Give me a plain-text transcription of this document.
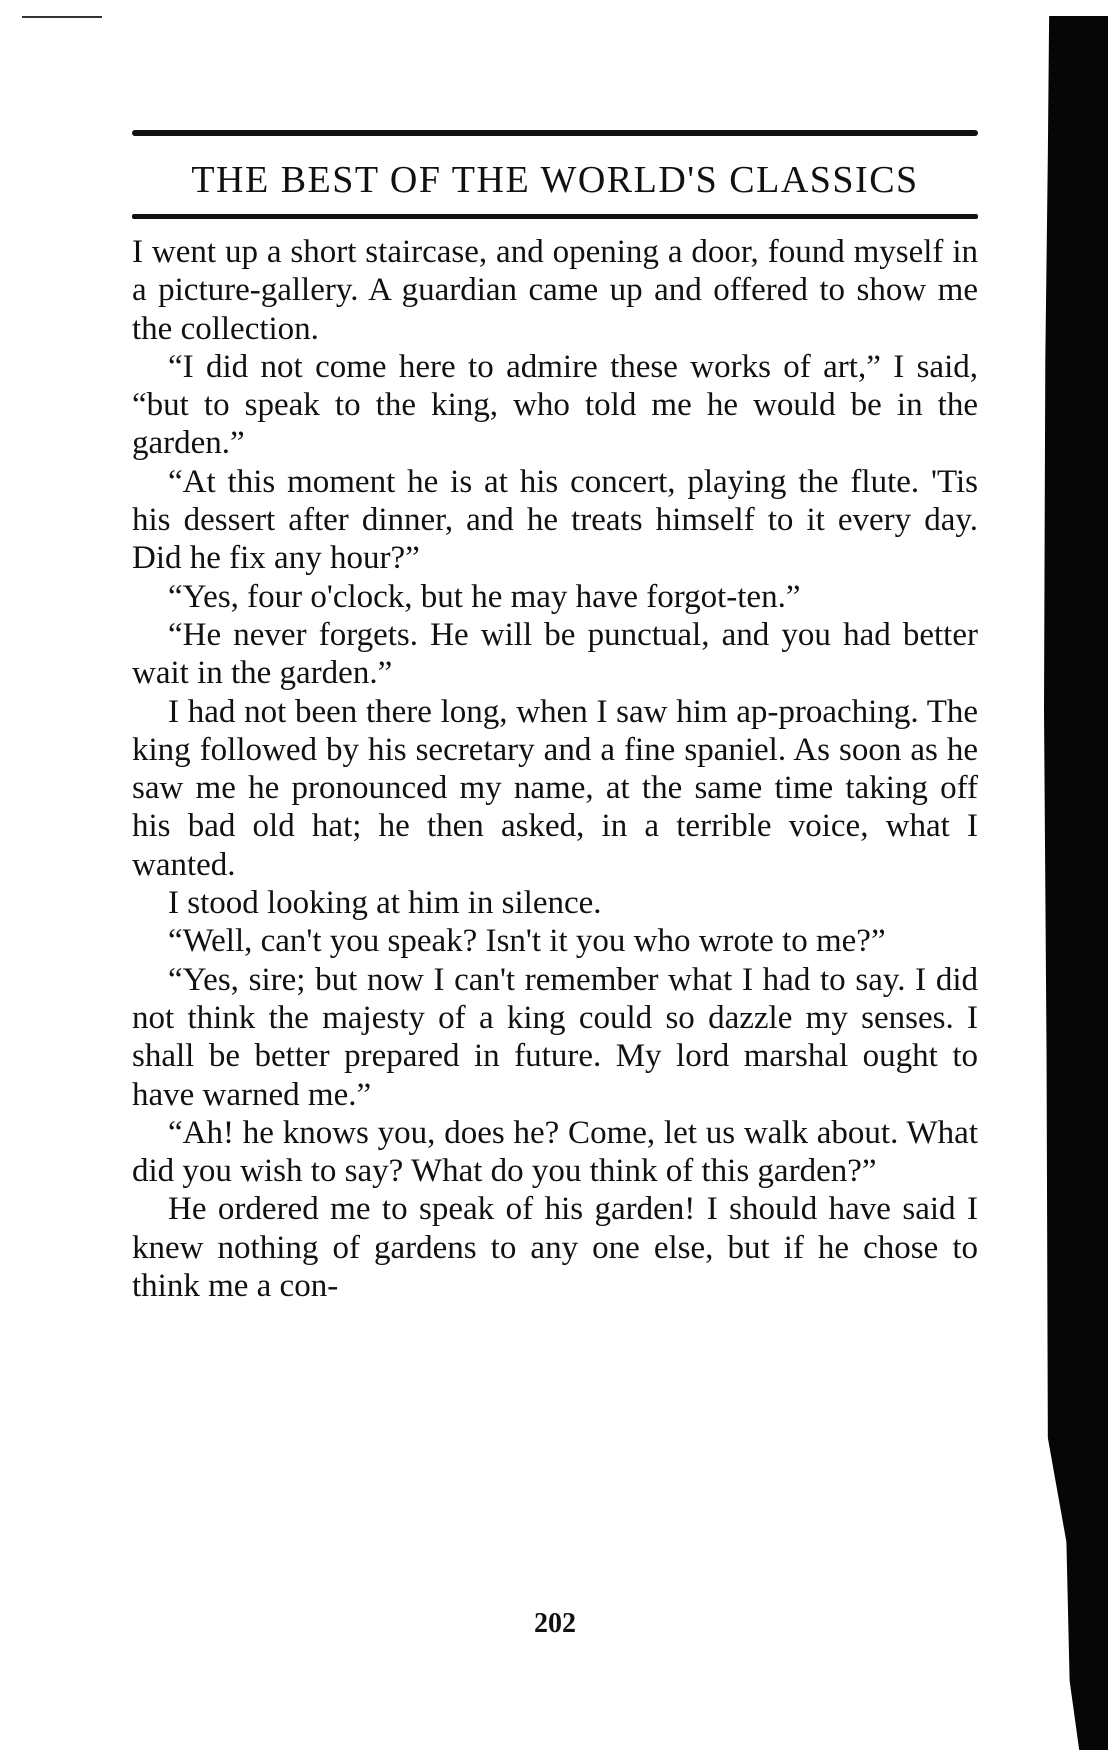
THE BEST OF THE WORLD'S CLASSICS

I went up a short staircase, and opening a door, found myself in a picture-gallery. A guardian came up and offered to show me the collection.

“I did not come here to admire these works of art,” I said, “but to speak to the king, who told me he would be in the garden.”

“At this moment he is at his concert, playing the flute. 'Tis his dessert after dinner, and he treats himself to it every day. Did he fix any hour?”

“Yes, four o'clock, but he may have forgot-ten.”

“He never forgets. He will be punctual, and you had better wait in the garden.”

I had not been there long, when I saw him ap-proaching. The king followed by his secretary and a fine spaniel. As soon as he saw me he pronounced my name, at the same time taking off his bad old hat; he then asked, in a terrible voice, what I wanted.

I stood looking at him in silence.

“Well, can't you speak? Isn't it you who wrote to me?”

“Yes, sire; but now I can't remember what I had to say. I did not think the majesty of a king could so dazzle my senses. I shall be better prepared in future. My lord marshal ought to have warned me.”

“Ah! he knows you, does he? Come, let us walk about. What did you wish to say? What do you think of this garden?”

He ordered me to speak of his garden! I should have said I knew nothing of gardens to any one else, but if he chose to think me a con-

202
